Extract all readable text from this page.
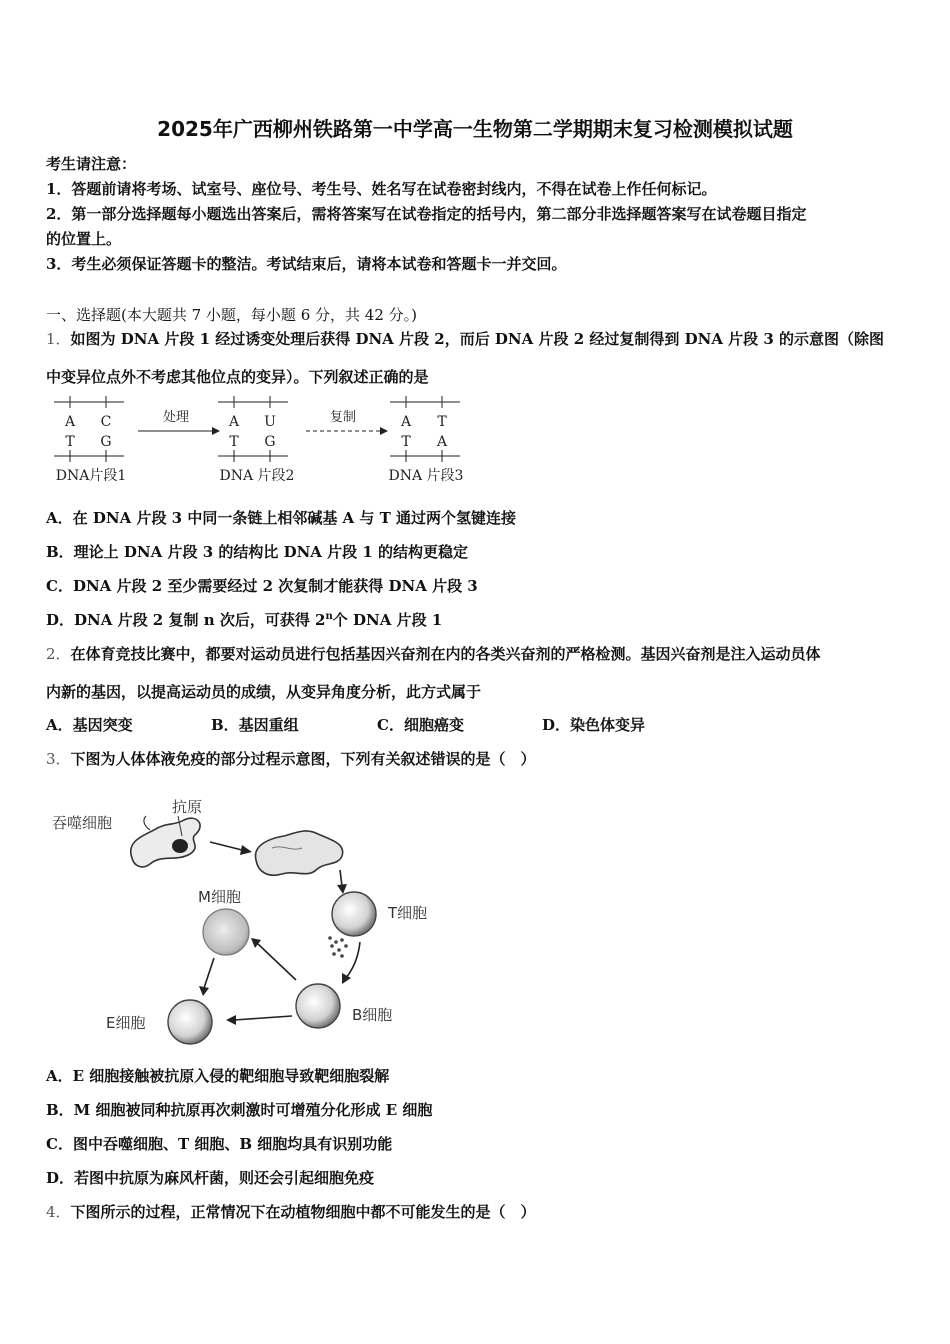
2025年广西柳州铁路第一中学高一生物第二学期期末复习检测模拟试题
考生请注意：
1．答题前请将考场、试室号、座位号、考生号、姓名写在试卷密封线内，不得在试卷上作任何标记。
2．第一部分选择题每小题选出答案后，需将答案写在试卷指定的括号内，第二部分非选择题答案写在试卷题目指定
的位置上。
3．考生必须保证答题卡的整洁。考试结束后，请将本试卷和答题卡一并交回。
一、选择题(本大题共 7 小题，每小题 6 分，共 42 分。)
1．如图为 DNA 片段 1 经过诱变处理后获得 DNA 片段 2，而后 DNA 片段 2 经过复制得到 DNA 片段 3 的示意图（除图
中变异位点外不考虑其他位点的变异）。下列叙述正确的是
A C
T G
A U
T G
A T
T A
处理	复制
DNA片段1	DNA 片段2	DNA 片段3
A．在 DNA 片段 3 中同一条链上相邻碱基 A 与 T 通过两个氢键连接
B．理论上 DNA 片段 3 的结构比 DNA 片段 1 的结构更稳定
C．DNA 片段 2 至少需要经过 2 次复制才能获得 DNA 片段 3
D．DNA 片段 2 复制 n 次后，可获得 2$^n$个 DNA 片段 1
2．在体育竞技比赛中，都要对运动员进行包括基因兴奋剂在内的各类兴奋剂的严格检测。基因兴奋剂是注入运动员体
内新的基因，以提高运动员的成绩，从变异角度分析，此方式属于
A．基因突变	B．基因重组	C．细胞癌变	D．染色体变异
3．下图为人体体液免疫的部分过程示意图，下列有关叙述错误的是（　）
吞噬细胞
抗原
M细胞
T细胞
E细胞	B细胞
A．E 细胞接触被抗原入侵的靶细胞导致靶细胞裂解
B．M 细胞被同种抗原再次刺激时可增殖分化形成 E 细胞
C．图中吞噬细胞、T 细胞、B 细胞均具有识别功能
D．若图中抗原为麻风杆菌，则还会引起细胞免疫
4．下图所示的过程，正常情况下在动植物细胞中都不可能发生的是（　）
